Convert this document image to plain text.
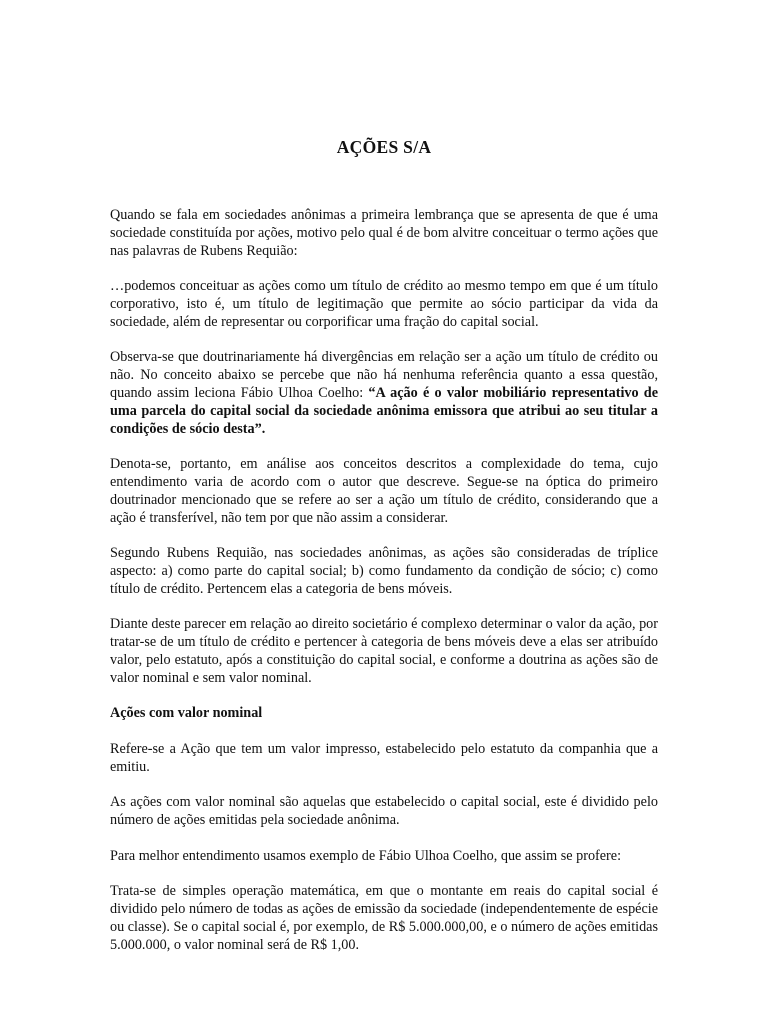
AÇÕES S/A

Quando se fala em sociedades anônimas a primeira lembrança que se apresenta de que é uma sociedade constituída por ações, motivo pelo qual é de bom alvitre conceituar o termo ações que nas palavras de Rubens Requião:

…podemos conceituar as ações como um título de crédito ao mesmo tempo em que é um título corporativo, isto é, um título de legitimação que permite ao sócio participar da vida da sociedade, além de representar ou corporificar uma fração do capital social.

Observa-se que doutrinariamente há divergências em relação ser a ação um título de crédito ou não. No conceito abaixo se percebe que não há nenhuma referência quanto a essa questão, quando assim leciona Fábio Ulhoa Coelho: “A ação é o valor mobiliário representativo de uma parcela do capital social da sociedade anônima emissora que atribui ao seu titular a condições de sócio desta”.

Denota-se, portanto, em análise aos conceitos descritos a complexidade do tema, cujo entendimento varia de acordo com o autor que descreve. Segue-se na óptica do primeiro doutrinador mencionado que se refere ao ser a ação um título de crédito, considerando que a ação é transferível, não tem por que não assim a considerar.

Segundo Rubens Requião, nas sociedades anônimas, as ações são consideradas de tríplice aspecto: a) como parte do capital social; b) como fundamento da condição de sócio; c) como título de crédito. Pertencem elas a categoria de bens móveis.

Diante deste parecer em relação ao direito societário é complexo determinar o valor da ação, por tratar-se de um título de crédito e pertencer à categoria de bens móveis deve a elas ser atribuído valor, pelo estatuto, após a constituição do capital social, e conforme a doutrina as ações são de valor nominal e sem valor nominal.

Ações com valor nominal

Refere-se a Ação que tem um valor impresso, estabelecido pelo estatuto da companhia que a emitiu.

As ações com valor nominal são aquelas que estabelecido o capital social, este é dividido pelo número de ações emitidas pela sociedade anônima.

Para melhor entendimento usamos exemplo de Fábio Ulhoa Coelho, que assim se profere:

Trata-se de simples operação matemática, em que o montante em reais do capital social é dividido pelo número de todas as ações de emissão da sociedade (independentemente de espécie ou classe). Se o capital social é, por exemplo, de R$ 5.000.000,00, e o número de ações emitidas 5.000.000, o valor nominal será de R$ 1,00.
